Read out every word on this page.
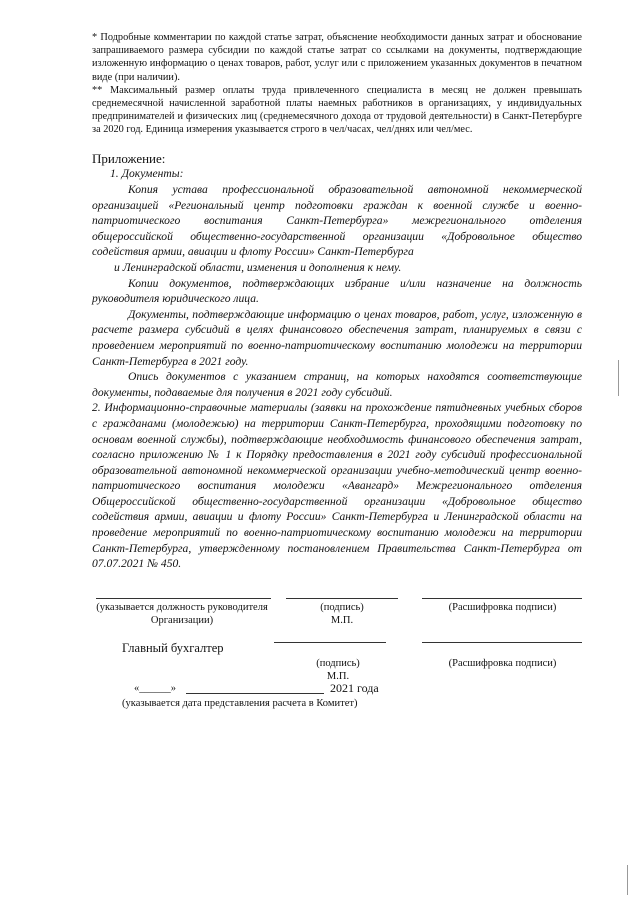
* Подробные комментарии по каждой статье затрат, объяснение необходимости данных затрат и обоснование запрашиваемого размера субсидии по каждой статье затрат со ссылками на документы, подтверждающие изложенную информацию о ценах товаров, работ, услуг или с приложением указанных документов в печатном виде (при наличии).

** Максимальный размер оплаты труда привлеченного специалиста в месяц не должен превышать среднемесячной начисленной заработной платы наемных работников в организациях, у индивидуальных предпринимателей и физических лиц (среднемесячного дохода от трудовой деятельности) в Санкт-Петербурге за 2020 год. Единица измерения указывается строго в чел/часах, чел/днях или чел/мес.

Приложение:
1. Документы:

Копия устава профессиональной образовательной автономной некоммерческой организацией «Региональный центр подготовки граждан к военной службе и военно-патриотического воспитания Санкт-Петербурга» межрегионального отделения общероссийской общественно-государственной организации «Добровольное общество содействия армии, авиации и флоту России» Санкт-Петербурга

и Ленинградской области, изменения и дополнения к нему.

Копии документов, подтверждающих избрание и/или назначение на должность руководителя юридического лица.

Документы, подтверждающие информацию о ценах товаров, работ, услуг, изложенную в расчете размера субсидий в целях финансового обеспечения затрат, планируемых в связи с проведением мероприятий по военно-патриотическому воспитанию молодежи на территории Санкт-Петербурга в 2021 году.

Опись документов с указанием страниц, на которых находятся соответствующие документы, подаваемые для получения в 2021 году субсидий.

2. Информационно-справочные материалы (заявки на прохождение пятидневных учебных сборов с гражданами (молодежью) на территории Санкт-Петербурга, проходящими подготовку по основам военной службы), подтверждающие необходимость финансового обеспечения затрат, согласно приложению № 1 к Порядку предоставления в 2021 году субсидий профессиональной образовательной автономной некоммерческой организации учебно-методический центр военно-патриотического воспитания молодежи «Авангард» Межрегионального отделения Общероссийской общественно-государственной организации «Добровольное общество содействия армии, авиации и флоту России» Санкт-Петербурга и Ленинградской области на проведение мероприятий по военно-патриотическому воспитанию молодежи на территории Санкт-Петербурга, утвержденному постановлением Правительства Санкт-Петербурга от 07.07.2021 № 450.

(указывается должность руководителя Организации)
(подпись)
М.П.
(Расшифровка подписи)
Главный бухгалтер
(подпись)
М.П.
(Расшифровка подписи)
«______»	2021 года
(указывается дата представления расчета в Комитет)
